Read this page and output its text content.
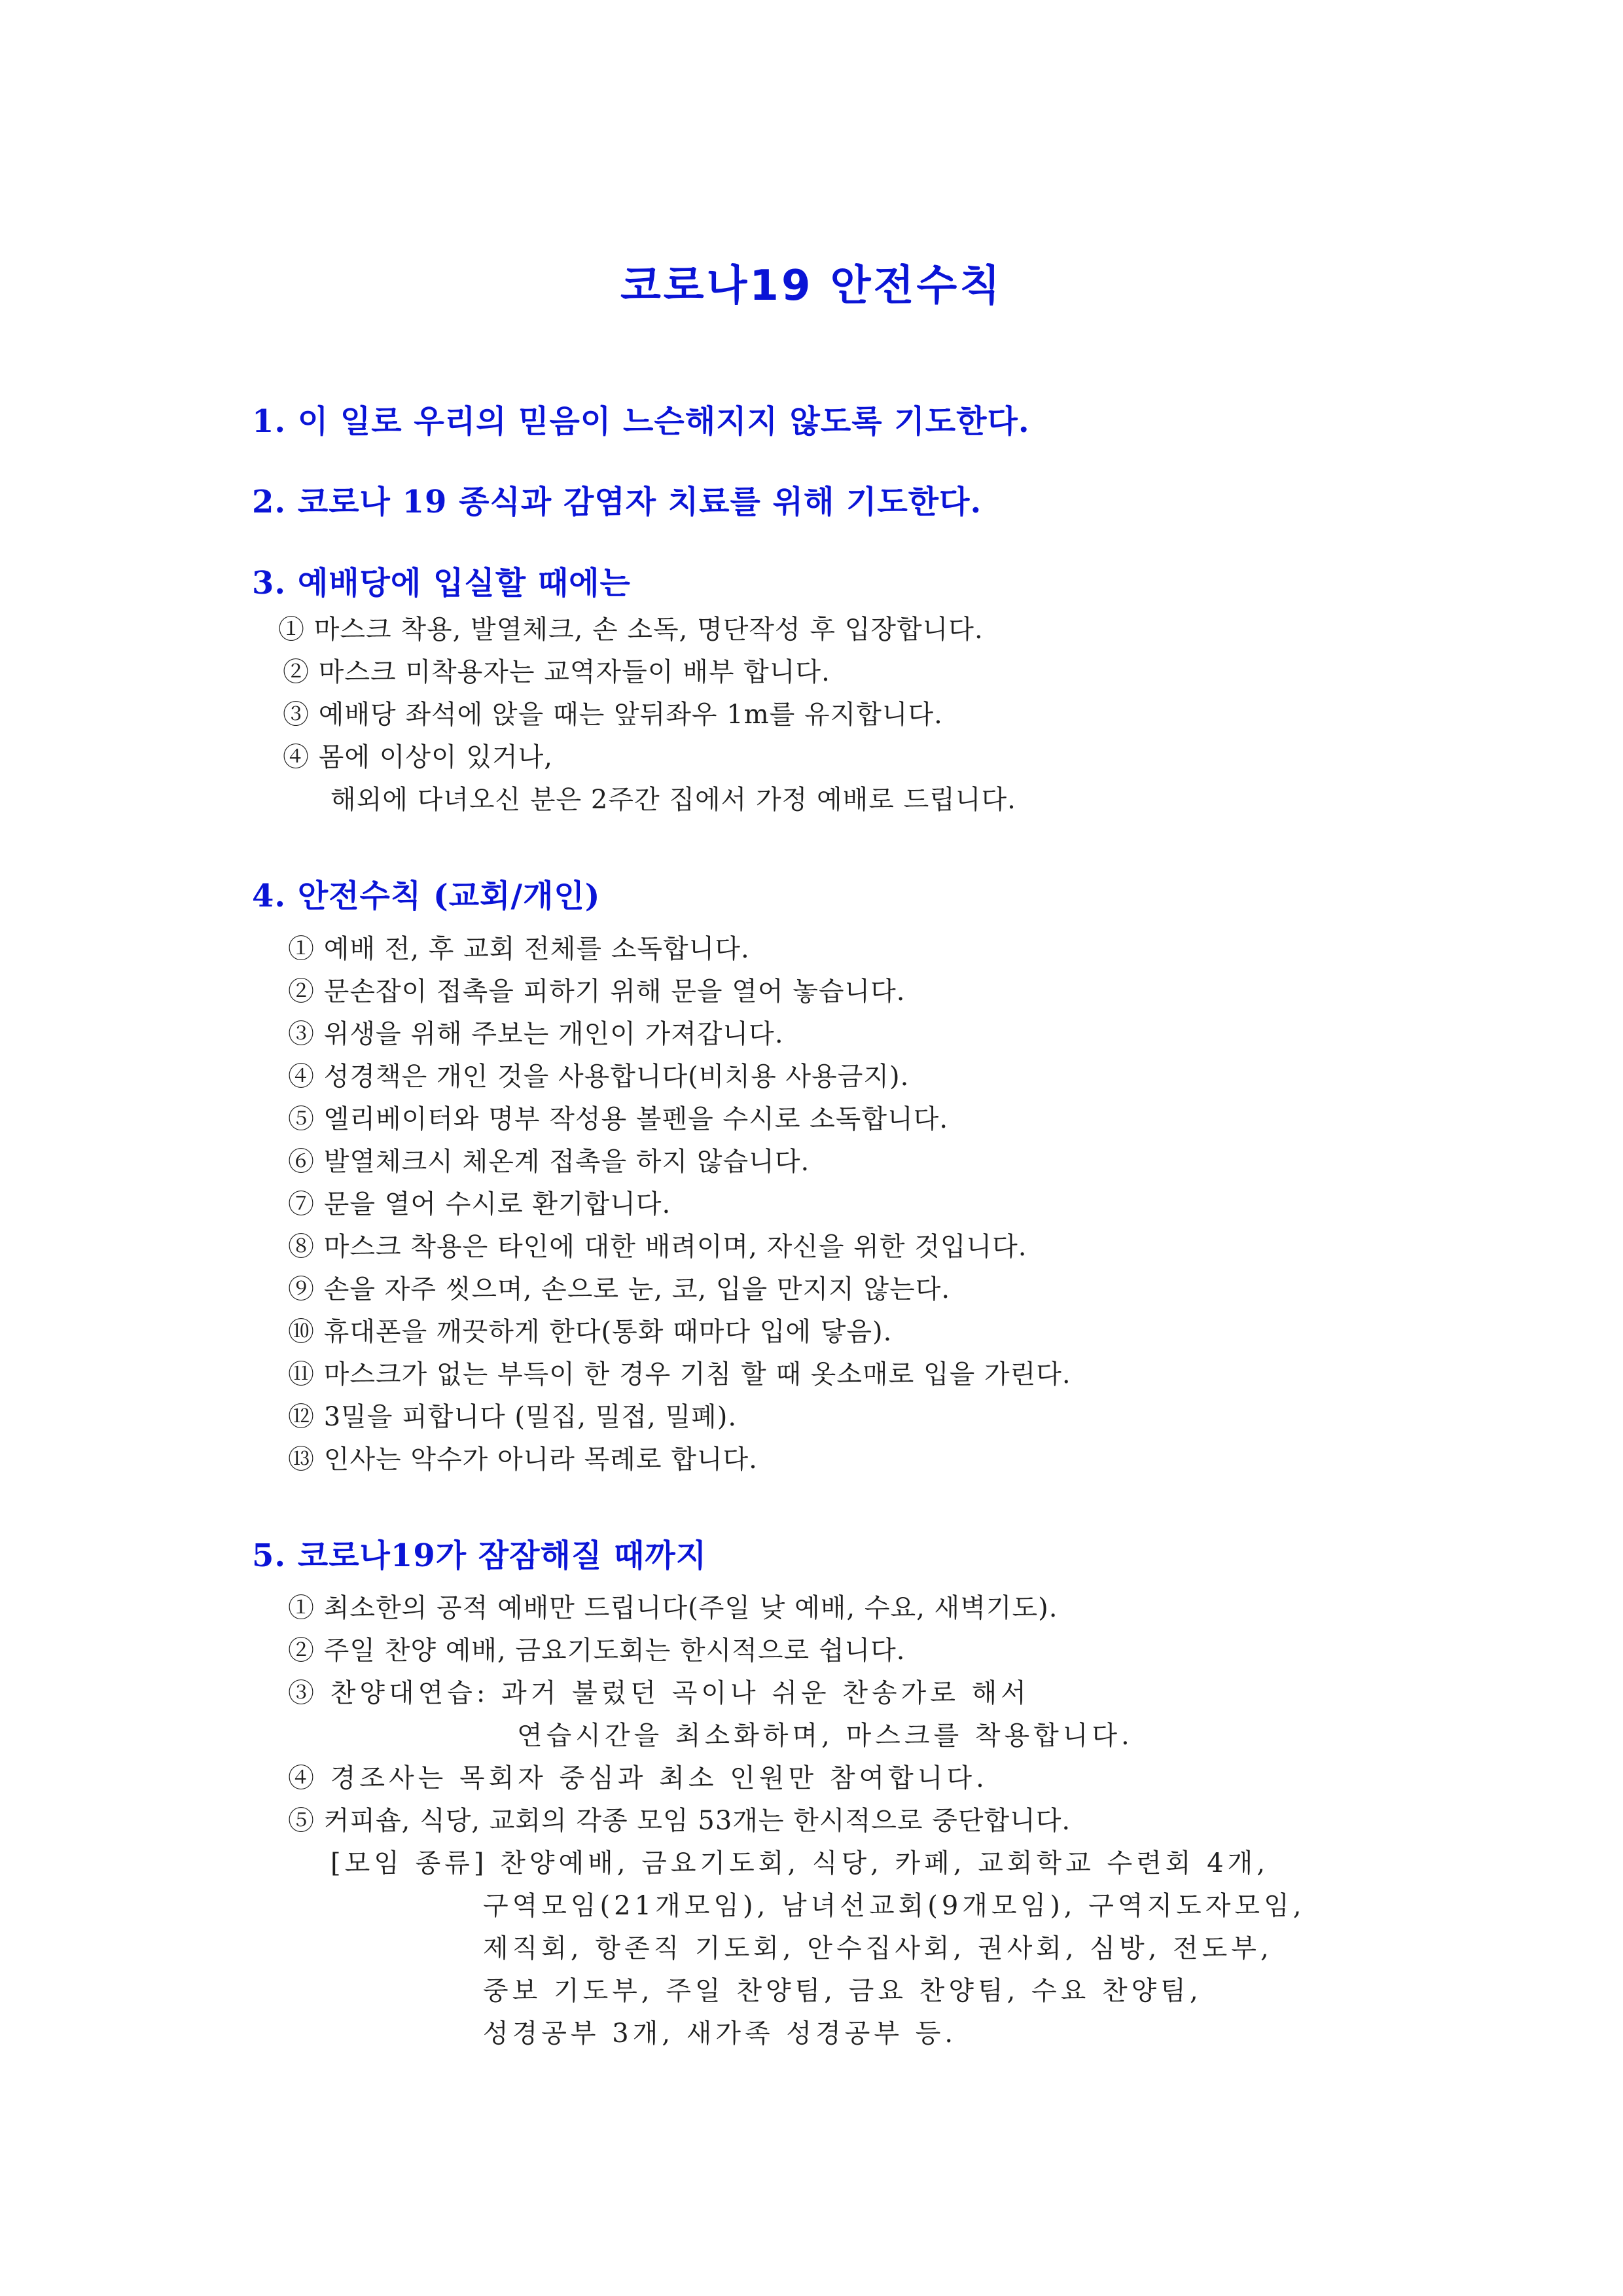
코로나19 안전수칙
1. 이 일로 우리의 믿음이 느슨해지지 않도록 기도한다.
2. 코로나 19 종식과 감염자 치료를 위해 기도한다.
3. 예배당에 입실할 때에는
① 마스크 착용, 발열체크, 손 소독, 명단작성 후 입장합니다.
② 마스크 미착용자는 교역자들이 배부 합니다.
③ 예배당 좌석에 앉을 때는 앞뒤좌우 1m를 유지합니다.
④ 몸에 이상이 있거나,
해외에 다녀오신 분은 2주간 집에서 가정 예배로 드립니다.
4. 안전수칙 (교회/개인)
① 예배 전, 후 교회 전체를 소독합니다.
② 문손잡이 접촉을 피하기 위해 문을 열어 놓습니다.
③ 위생을 위해 주보는 개인이 가져갑니다.
④ 성경책은 개인 것을 사용합니다(비치용 사용금지).
⑤ 엘리베이터와 명부 작성용 볼펜을 수시로 소독합니다.
⑥ 발열체크시 체온계 접촉을 하지 않습니다.
⑦ 문을 열어 수시로 환기합니다.
⑧ 마스크 착용은 타인에 대한 배려이며, 자신을 위한 것입니다.
⑨ 손을 자주 씻으며, 손으로 눈, 코, 입을 만지지 않는다.
⑩ 휴대폰을 깨끗하게 한다(통화 때마다 입에 닿음).
⑪ 마스크가 없는 부득이 한 경우 기침 할 때 옷소매로 입을 가린다.
⑫ 3밀을 피합니다 (밀집, 밀접, 밀폐).
⑬ 인사는 악수가 아니라 목례로 합니다.
5. 코로나19가 잠잠해질 때까지
① 최소한의 공적 예배만 드립니다(주일 낮 예배, 수요, 새벽기도).
② 주일 찬양 예배, 금요기도회는 한시적으로 쉽니다.
③ 찬양대연습: 과거 불렀던 곡이나 쉬운 찬송가로 해서
연습시간을 최소화하며, 마스크를 착용합니다.
④ 경조사는 목회자 중심과 최소 인원만 참여합니다.
⑤ 커피숍, 식당, 교회의 각종 모임 53개는 한시적으로 중단합니다.
[모임 종류] 찬양예배, 금요기도회, 식당, 카페, 교회학교 수련회 4개,
구역모임(21개모임), 남녀선교회(9개모임), 구역지도자모임,
제직회, 항존직 기도회, 안수집사회, 권사회, 심방, 전도부,
중보 기도부, 주일 찬양팀, 금요 찬양팀, 수요 찬양팀,
성경공부 3개, 새가족 성경공부 등.
